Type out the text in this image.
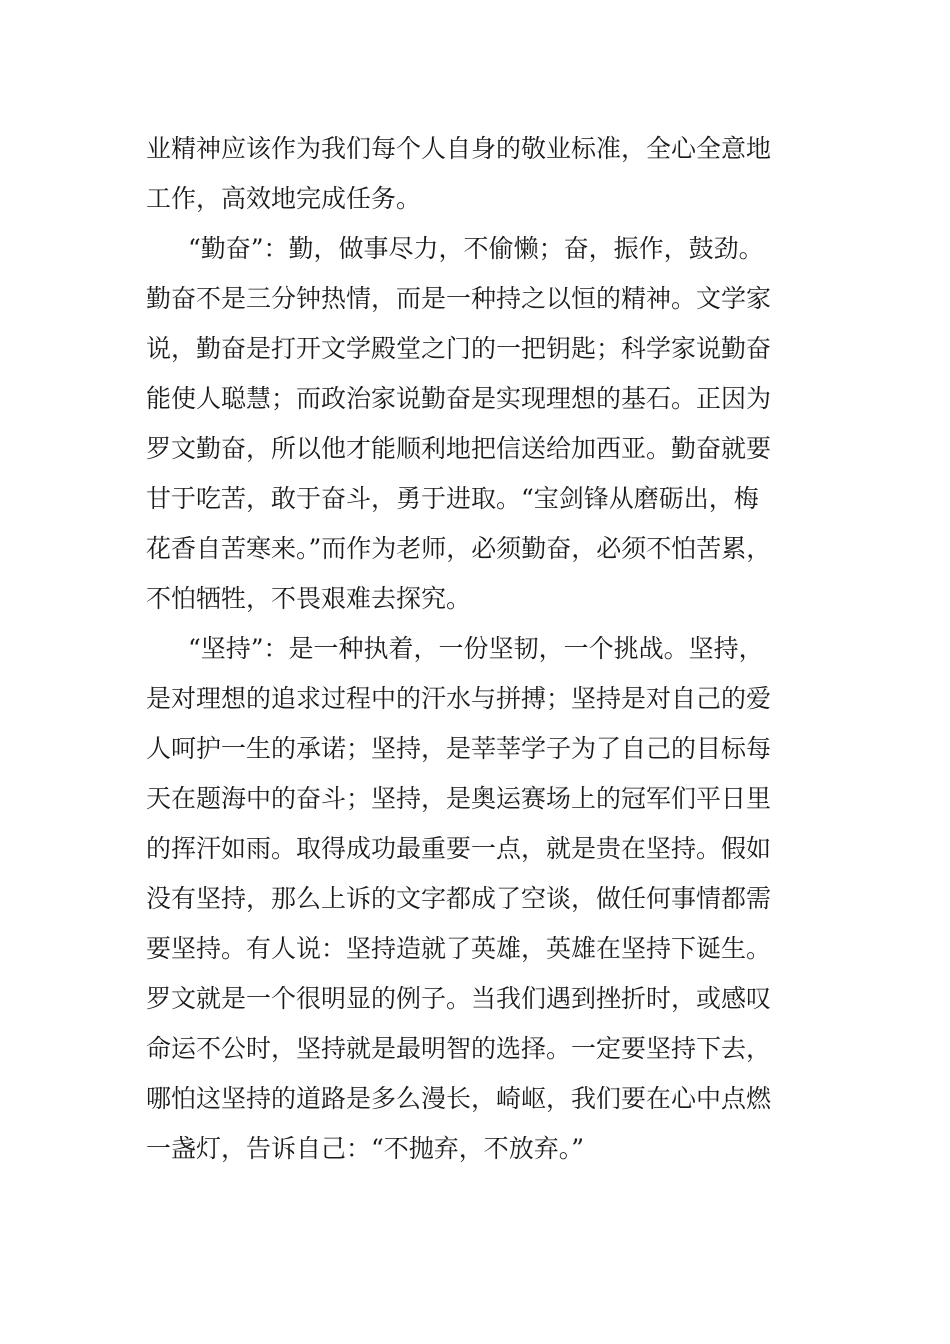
业精神应该作为我们每个人自身的敬业标准，全心全意地
工作，高效地完成任务。
“勤奋”：勤，做事尽力，不偷懒；奋，振作，鼓劲。
勤奋不是三分钟热情，而是一种持之以恒的精神。文学家
说，勤奋是打开文学殿堂之门的一把钥匙；科学家说勤奋
能使人聪慧；而政治家说勤奋是实现理想的基石。正因为
罗文勤奋，所以他才能顺利地把信送给加西亚。勤奋就要
甘于吃苦，敢于奋斗，勇于进取。“宝剑锋从磨砺出，梅
花香自苦寒来。”而作为老师，必须勤奋，必须不怕苦累，
不怕牺牲，不畏艰难去探究。
“坚持”：是一种执着，一份坚韧，一个挑战。坚持，
是对理想的追求过程中的汗水与拼搏；坚持是对自己的爱
人呵护一生的承诺；坚持，是莘莘学子为了自己的目标每
天在题海中的奋斗；坚持，是奥运赛场上的冠军们平日里
的挥汗如雨。取得成功最重要一点，就是贵在坚持。假如
没有坚持，那么上诉的文字都成了空谈，做任何事情都需
要坚持。有人说：坚持造就了英雄，英雄在坚持下诞生。
罗文就是一个很明显的例子。当我们遇到挫折时，或感叹
命运不公时，坚持就是最明智的选择。一定要坚持下去，
哪怕这坚持的道路是多么漫长，崎岖，我们要在心中点燃
一盏灯，告诉自己：“不抛弃，不放弃。”
